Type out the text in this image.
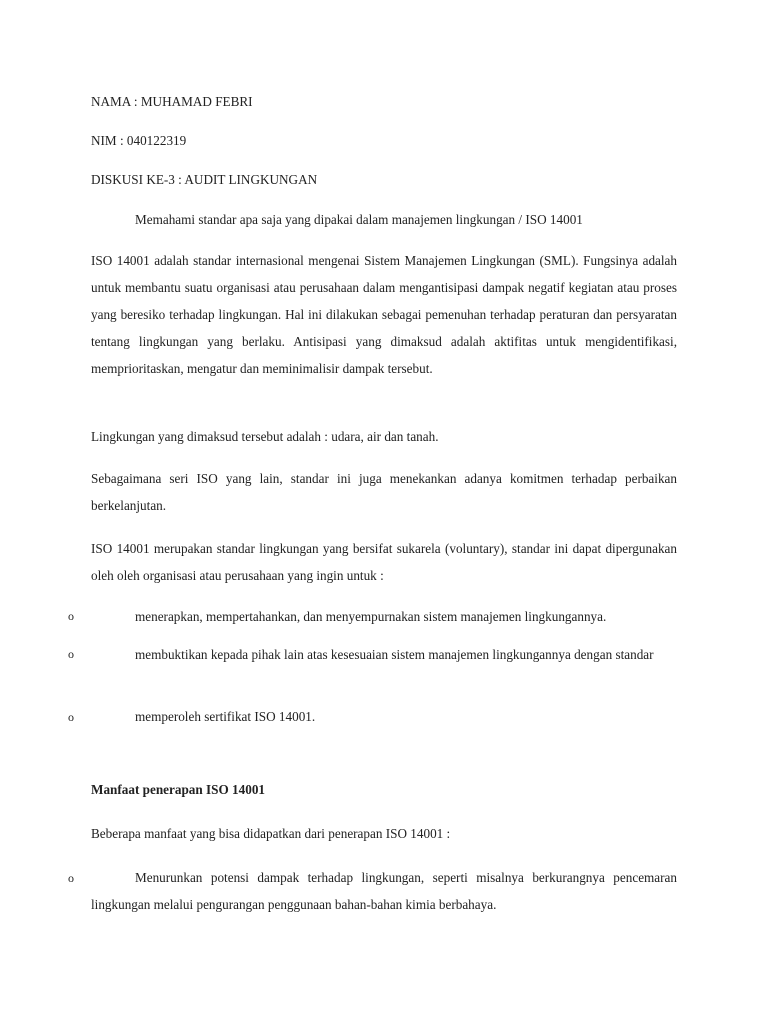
NAMA : MUHAMAD FEBRI
NIM : 040122319
DISKUSI KE-3 : AUDIT LINGKUNGAN
Memahami standar apa saja yang dipakai dalam manajemen lingkungan / ISO 14001
ISO 14001 adalah standar internasional mengenai Sistem Manajemen Lingkungan (SML). Fungsinya adalah untuk membantu suatu organisasi atau perusahaan dalam mengantisipasi dampak negatif kegiatan atau proses yang beresiko terhadap lingkungan. Hal ini dilakukan sebagai pemenuhan terhadap peraturan dan persyaratan tentang lingkungan yang berlaku. Antisipasi yang dimaksud adalah aktifitas untuk mengidentifikasi, memprioritaskan, mengatur dan meminimalisir dampak tersebut.
Lingkungan yang dimaksud tersebut adalah : udara, air dan tanah.
Sebagaimana seri ISO yang lain, standar ini juga menekankan adanya komitmen terhadap perbaikan berkelanjutan.
ISO 14001 merupakan standar lingkungan yang bersifat sukarela (voluntary), standar ini dapat dipergunakan oleh oleh organisasi atau perusahaan yang ingin untuk :
o	menerapkan, mempertahankan, dan menyempurnakan sistem manajemen lingkungannya.
o	membuktikan kepada pihak lain atas kesesuaian sistem manajemen lingkungannya dengan standar
o	memperoleh sertifikat ISO 14001.
Manfaat penerapan ISO 14001
Beberapa manfaat yang bisa didapatkan dari penerapan ISO 14001 :
o	Menurunkan potensi dampak terhadap lingkungan, seperti misalnya berkurangnya pencemaran lingkungan melalui pengurangan penggunaan bahan-bahan kimia berbahaya.
